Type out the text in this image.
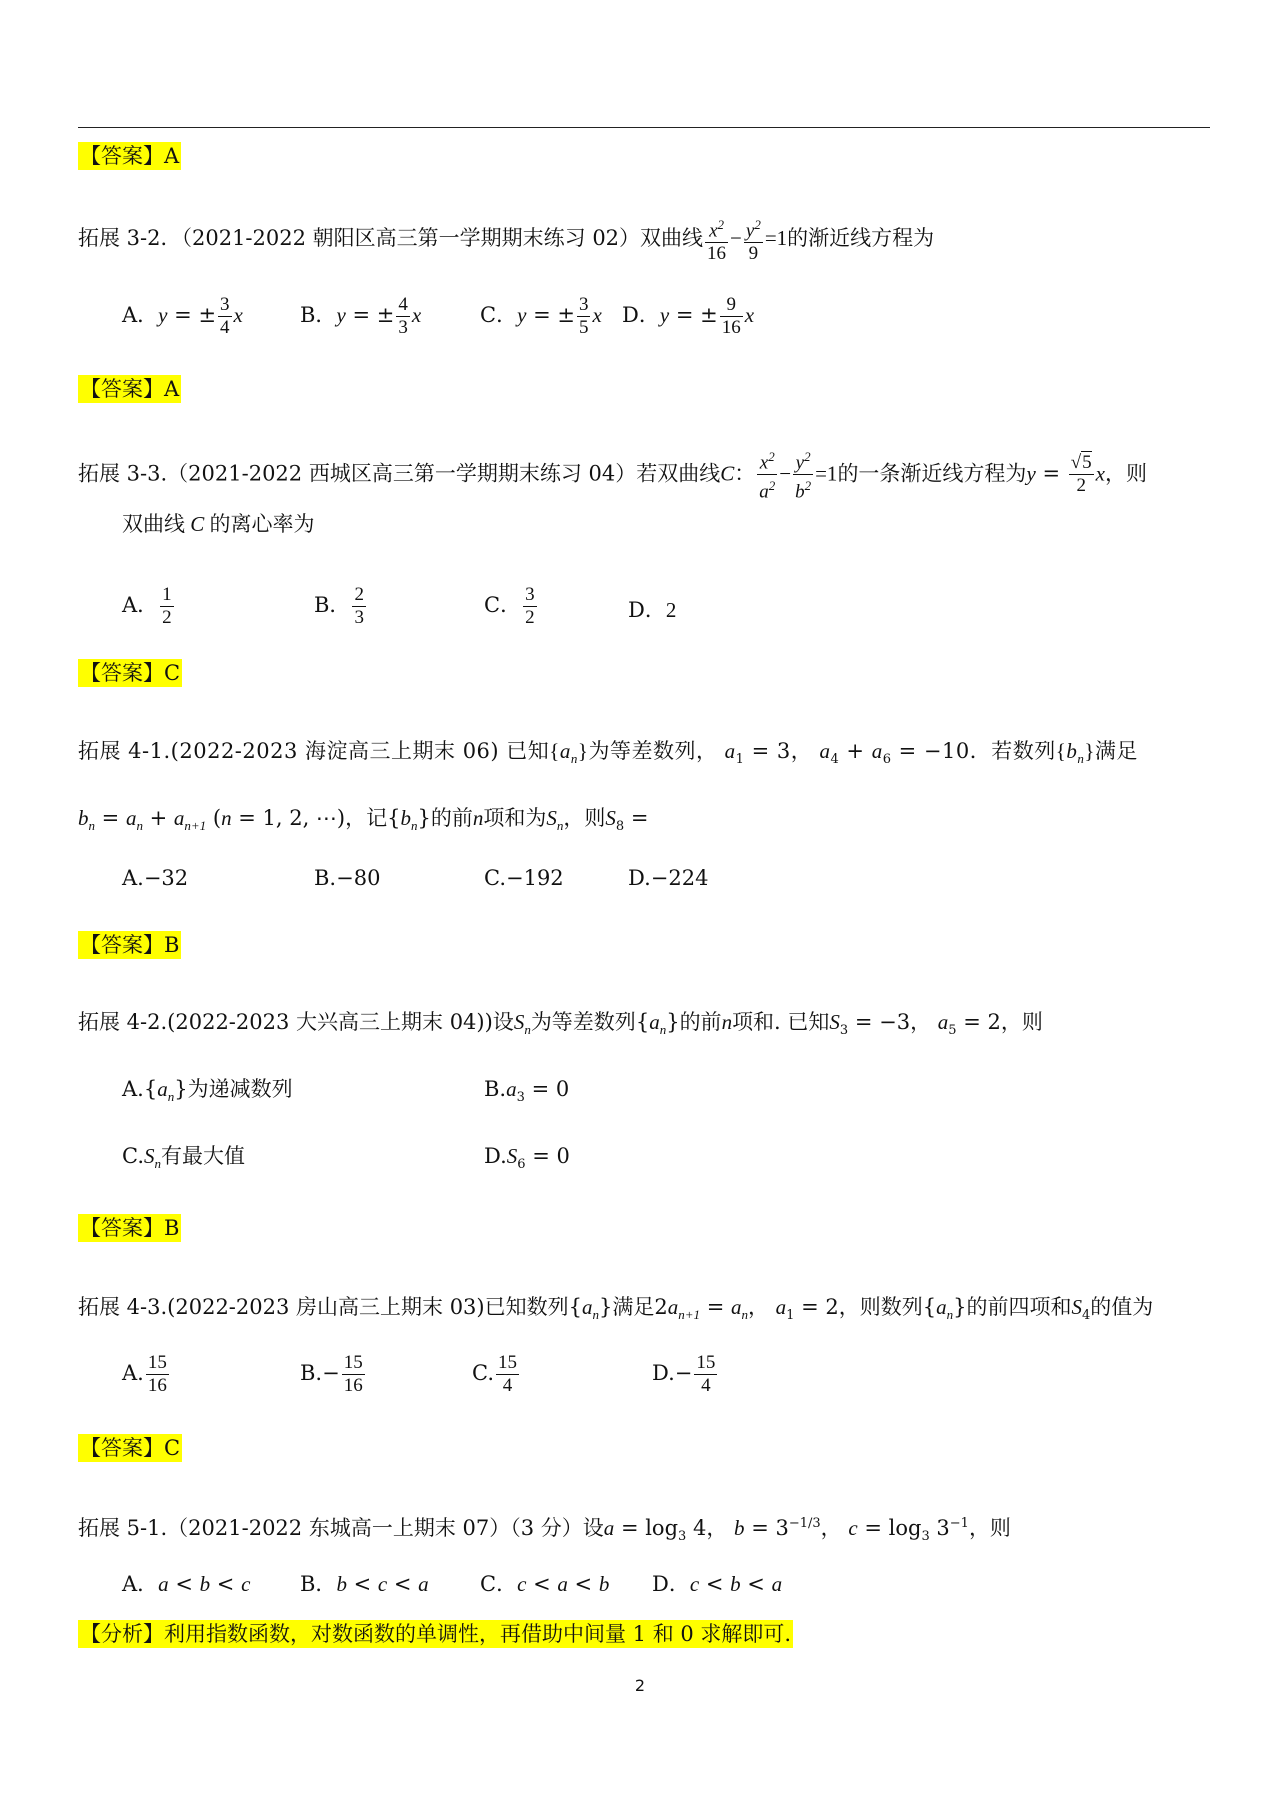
【答案】A
拓展 3-2．（2021-2022 朝阳区高三第一学期期末练习 02）双曲线 $\frac{x^2}{16} - \frac{y^2}{9} =1$的渐近线方程为
A．y = ± $\frac{3}{4}$ x	B．y = ± $\frac{4}{3}$ x	C．y = ± $\frac{3}{5}$ x D．y = ± $\frac{9}{16}$ x
【答案】A
拓展 3-3.（2021-2022 西城区高三第一学期期末练习 04）若双曲线C： $\frac{x^2}{a^2} - \frac{y^2}{b^2} =1$的一条渐近线方程为$y = \frac{√5}{2}$ x，则
双曲线 C 的离心率为
A． $\frac{1}{2}$	B． $\frac{2}{3}$	C． $\frac{3}{2}$	D．2
【答案】C
拓展 4-1.(2022-2023 海淀高三上期末 06) 已知$\{a_n\}$为等差数列， $a_1 = 3$， $a_4 + a_6 = -10$．若数列$\{b_n\}$满足
$b_n = a_n + a_{n+1}$ (n = 1, 2, ⋯)，记$\{b_n\}$的前n项和为$S_n$，则$S_8$ =
A.−32	B.−80	C.−192	D.−224
【答案】B
拓展 4-2.(2022-2023 大兴高三上期末 04))设$S_n$为等差数列$\{a_n\}$的前n项和. 已知$S_3 = -3$， $a_5 = 2$，则
$A.\{a_n\}$为递减数列	$B.a_3 = 0$
$C.S_n$有最大值	$D.S_6 = 0$
【答案】B
拓展 4-3.(2022-2023 房山高三上期末 03)已知数列$\{a_n\}$满足$2a_{n+1} = a_n$， $a_1 = 2$，则数列$\{a_n\}$的前四项和$S_4$的值为
A. $\frac{15}{16}$	$B.- \frac{15}{16}$	C. $\frac{15}{4}$	$D.- \frac{15}{4}$
【答案】C
拓展 5-1.（2021-2022 东城高一上期末 07）（3 分）设$a = \log_3 4$， $b = 3^{-1/3}$， $c = \log_3 3^{-1}$，则
A．a < b < c B．b < c < a C．c < a < b D．c < b < a
【分析】利用指数函数，对数函数的单调性，再借助中间量 1 和 0 求解即可.
2
